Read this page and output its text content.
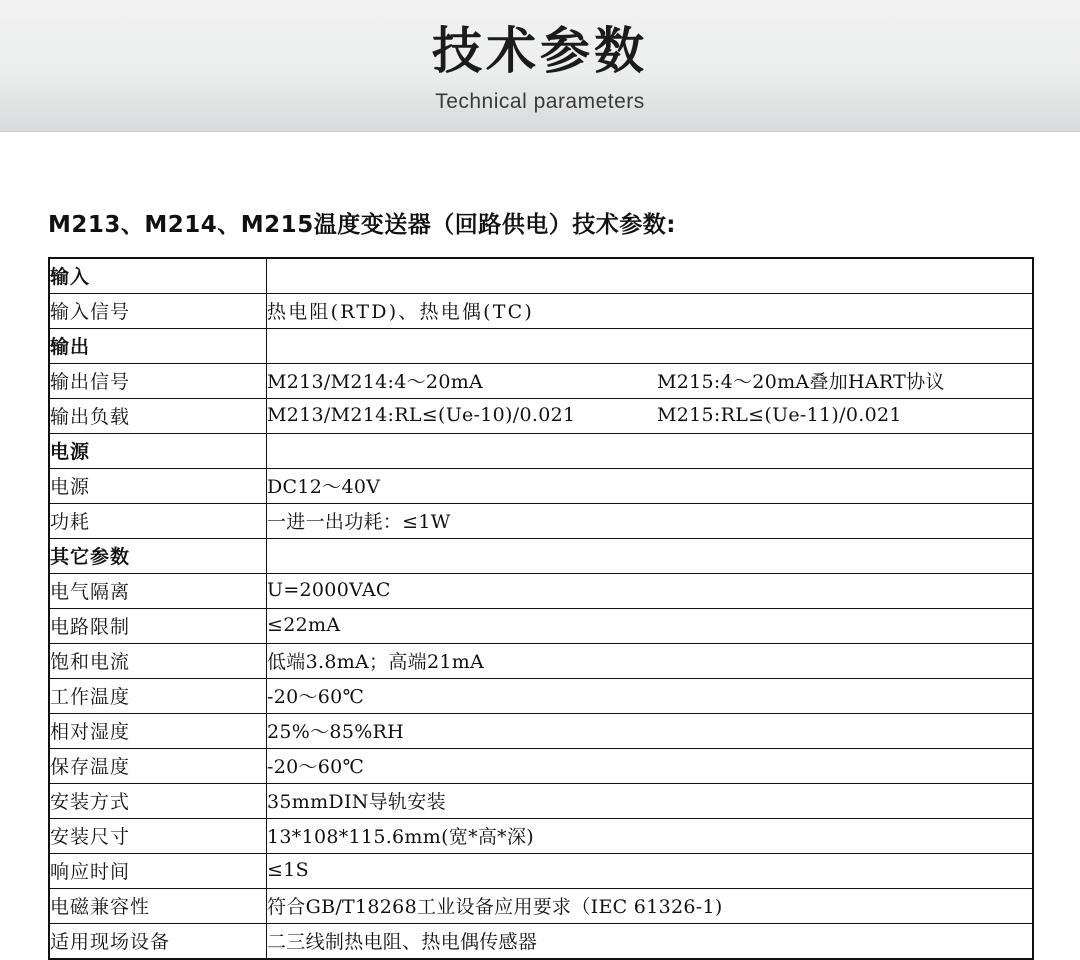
技术参数
Technical parameters
M213、M214、M215温度变送器（回路供电）技术参数:
输入	
输入信号	热电阻(RTD)、热电偶(TC)
输出	
输出信号	M213/M214:4～20mA M215:4～20mA叠加HART协议

输出负载	M213/M214:RL≤(Ue-10)/0.021 M215:RL≤(Ue-11)/0.021

电源	
电源	DC12～40V
功耗	一进一出功耗：≤1W
其它参数	
电气隔离	U=2000VAC
电路限制	≤22mA
饱和电流	低端3.8mA；高端21mA
工作温度	-20～60℃
相对湿度	25%～85%RH
保存温度	-20～60℃
安装方式	35mmDIN导轨安装
安装尺寸	13*108*115.6mm(宽*高*深)
响应时间	≤1S
电磁兼容性	符合GB/T18268工业设备应用要求（IEC 61326-1)
适用现场设备	二三线制热电阻、热电偶传感器
